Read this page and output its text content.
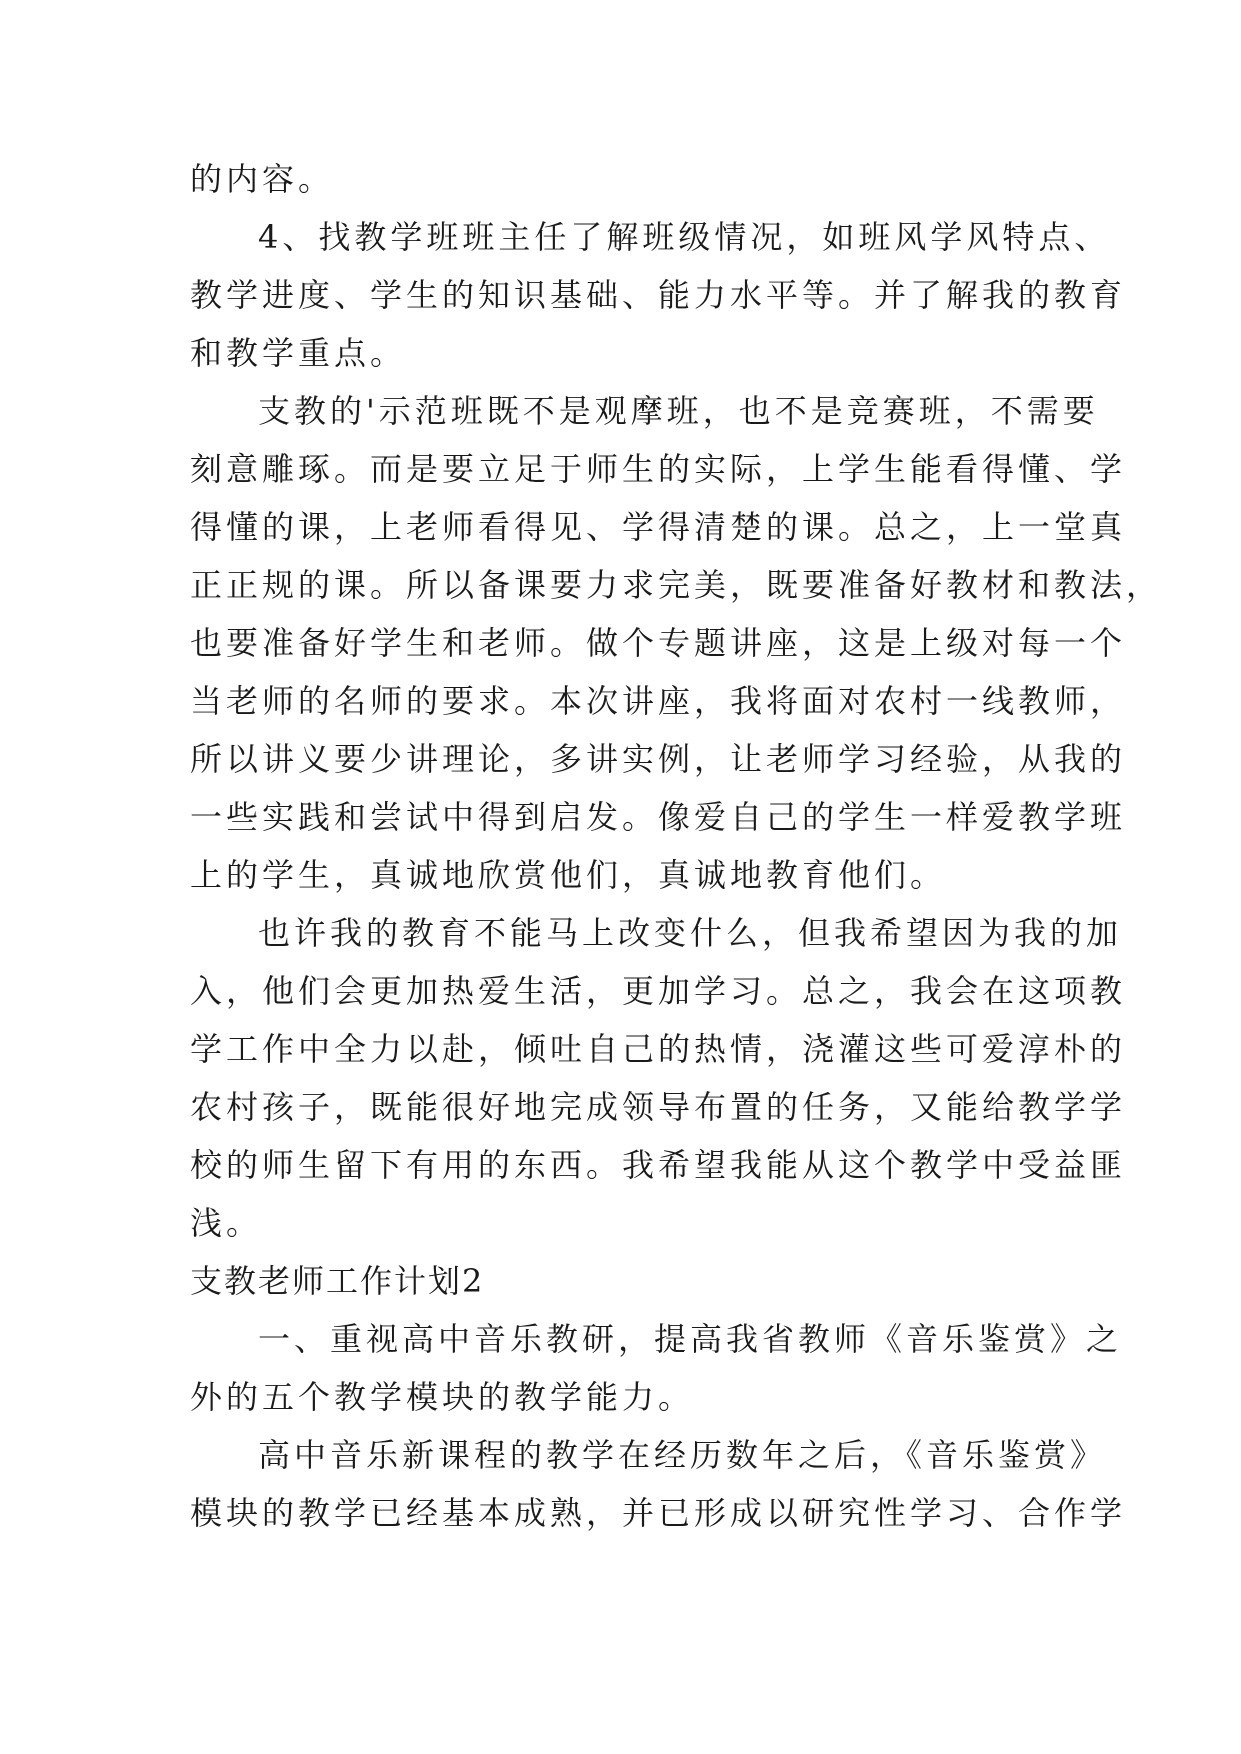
的内容。
4、找教学班班主任了解班级情况，如班风学风特点、
教学进度、学生的知识基础、能力水平等。并了解我的教育
和教学重点。
支教的'示范班既不是观摩班，也不是竞赛班，不需要
刻意雕琢。而是要立足于师生的实际，上学生能看得懂、学
得懂的课，上老师看得见、学得清楚的课。总之，上一堂真
正正规的课。所以备课要力求完美，既要准备好教材和教法，
也要准备好学生和老师。做个专题讲座，这是上级对每一个
当老师的名师的要求。本次讲座，我将面对农村一线教师，
所以讲义要少讲理论，多讲实例，让老师学习经验，从我的
一些实践和尝试中得到启发。像爱自己的学生一样爱教学班
上的学生，真诚地欣赏他们，真诚地教育他们。
也许我的教育不能马上改变什么，但我希望因为我的加
入，他们会更加热爱生活，更加学习。总之，我会在这项教
学工作中全力以赴，倾吐自己的热情，浇灌这些可爱淳朴的
农村孩子，既能很好地完成领导布置的任务，又能给教学学
校的师生留下有用的东西。我希望我能从这个教学中受益匪
浅。
支教老师工作计划2
一、重视高中音乐教研，提高我省教师《音乐鉴赏》之
外的五个教学模块的教学能力。
高中音乐新课程的教学在经历数年之后，《音乐鉴赏》
模块的教学已经基本成熟，并已形成以研究性学习、合作学
